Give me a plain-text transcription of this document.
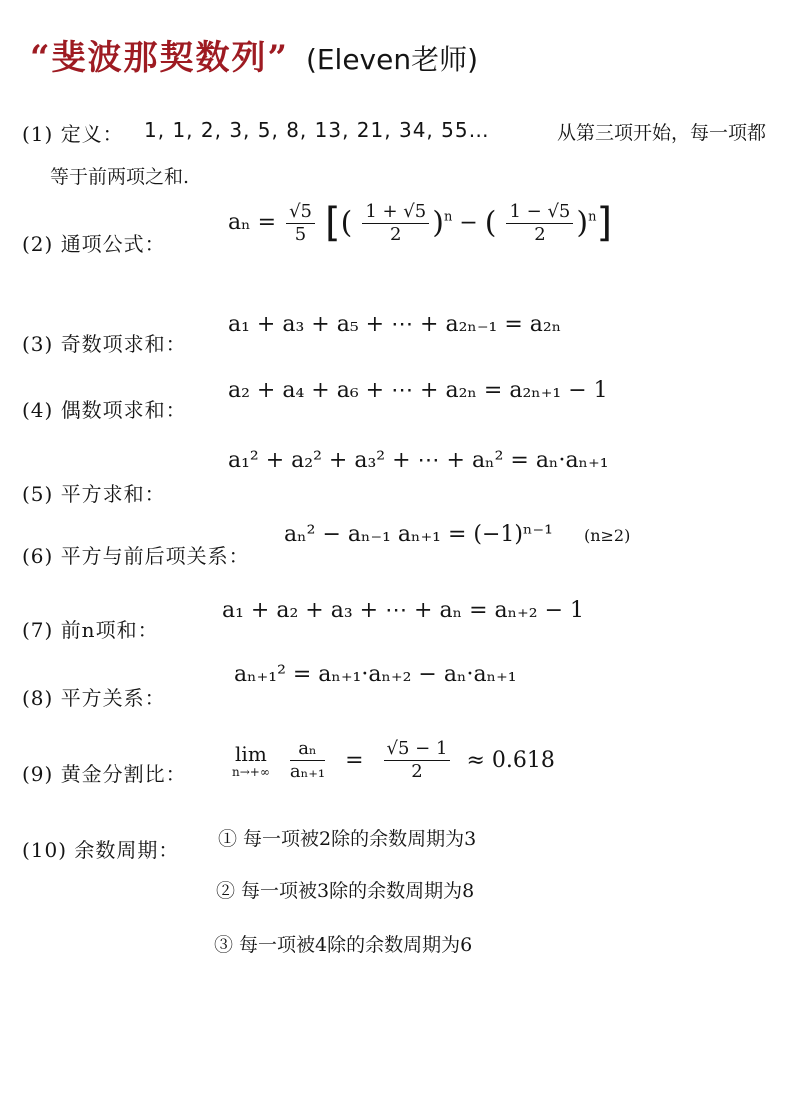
“斐波那契数列” (Eleven老师)
(1) 定义： 1, 1, 2, 3, 5, 8, 13, 21, 34, 55…	从第三项开始，每一项都
等于前两项之和.
(2) 通项公式：
$a_n = \frac{√5}{5}$ [( $\frac{1 + √5}{2} )^n$ − ( $\frac{1 - √5}{2} )^n$]
(3) 奇数项求和：
a₁ + a₃ + a₅ + ⋯ + a₂ₙ₋₁ = a₂ₙ
(4) 偶数项求和：
a₂ + a₄ + a₆ + ⋯ + a₂ₙ = a₂ₙ₊₁ − 1
(5) 平方求和：
a₁² + a₂² + a₃² + ⋯ + aₙ² = aₙ·aₙ₊₁
(6) 平方与前后项关系：
aₙ² − aₙ₋₁ aₙ₊₁ = (−1)ⁿ⁻¹ (n≥2)
(7) 前n项和：
a₁ + a₂ + a₃ + ⋯ + aₙ = aₙ₊₂ − 1
(8) 平方关系：
aₙ₊₁² = aₙ₊₁·aₙ₊₂ − aₙ·aₙ₊₁
(9) 黄金分割比：
lim
n→+∞
$\frac{\text{aₙ}}{\text{aₙ₊₁}} = \frac{√5 - 1}{2} \approx 0.618$
(10) 余数周期： ① 每一项被2除的余数周期为3
② 每一项被3除的余数周期为8
③ 每一项被4除的余数周期为6
